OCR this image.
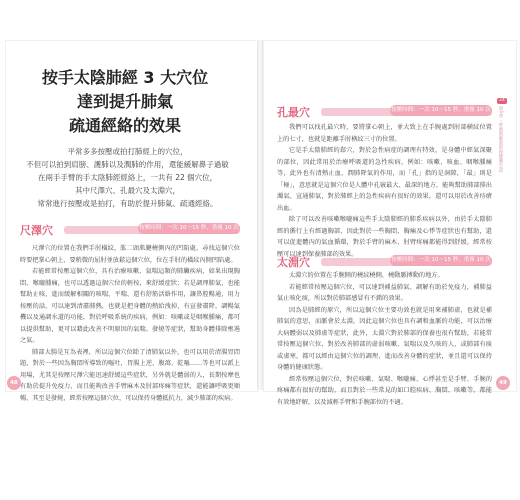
按手太陰肺經 3 大穴位
達到提升肺氣
疏通經絡的效果
平常多多按壓或拍打肺經上的穴位，
不但可以拍到肩膀、護肺以及潤肺的作用，還能緩解鼻子過敏
在兩手手臂的手太陰肺經經絡上，一共有 22 個穴位，
其中尺澤穴、孔最穴及太淵穴，
常常進行按壓或是拍打，有助於提升肺氣、疏通經絡。
尺澤穴	按壓時間：一次 10～15 秒，重複 10 次

尺澤穴的位置在我們手肘橫紋，肱二頭肌腱橈側內的凹陷處，尋找這個穴位時要把掌心朝上，要稍微的屈肘並放鬆這個穴位，位在手肘的橫紋內側凹陷處。

若能經常按壓這個穴位，具有治療咳嗽、氣喘這類的肺臟疾病，如果出現胸悶、喉嚨腫痛，也可以透過這個穴位的輕按，來舒緩症狀；若是調理肺氣，也能幫助止咳，進而緩解相關的咳喘、平喘、還有舒筋活絡作用，讓鼻腔暢通，用力按壓的話，可以達到清肅肺熱，也就是把身體的熱給洩掉，有宣發肅降，調暢氣機以及通調水道的功能，對於呼吸系統的疾病，例如：咳嗽或是咽喉腫痛，都可以提供幫助，更可以藉此改善不明原因的氣喘、發燒等症狀，幫助身體排除壅遏之氣。

肺部大腸是互為表裡，所以這個穴位除了清肺氣以外，也可以用於清腸胃問題，對於一些因為胸悶所導致的嘔吐，胃腸上逆，腹瀉、乾嘔……等也可以派上用場，尤其是按壓尺澤穴能迅速舒緩這些症狀，另外就是體弱的人，長期按摩也有助於提升免疫力，而且能夠改善手臂麻木及肘部疼痛等症狀，還能讓呼吸更順暢，其至是發燒，經常按壓這個穴位，可以保持身體抵抗力，減少肺部的疾病。

48
孔最穴	按壓時間：一次 10～15 秒，重複 10 次

我們可以找孔最穴時，要將掌心朝上，並大致上在手腕處到肘部横紋位置上的七寸，也就是距離手肘横紋三寸的位置。

它是手太陰肺經的郄穴，對於急性病症的調理有特效，是身體中經氣深聚的部位，因此常用於治療呼吸道的急性疾病，例如：咳嗽、咳血、咽喉腫痛等，此外也有清熱止血、潤肺降氣的作用，而「孔」指的是洞隙，「最」則是「極」，意思就是這個穴位是人體中孔竅最大、最深的地方，能夠幫助肺部排出濁氣、宣通肺氣，對於肺經上的急性疾病有很好的效果，還可以用於改善痔瘡出血。

除了可以改善咳嗽喉嚨痛這些手太陰肺經的肺系疾病以外，由於手太陰肺經的循行上有經過胸部，因此對於一些胸悶、胸痛及心悸等症狀也有幫助，還可以促進體內的氣血循環，對於手臂的麻木、肘臂疼痛都能得到舒緩，經常按壓可以達到保養肺部的效果。

太淵穴	按壓時間：一次 10～15 秒，重複 10 次

太淵穴的位置在手腕側的橈紋橈側，橈動脈搏動的地方。

若能經常按壓這個穴位，可以達到補益肺氣、調解有助於免疫力，補肺益氣止咳化痰，所以對於肺部感冒有不錯的效果。

因為是肺經的原穴，所以這個穴位主要功效也就是用來補肺虛，也就是補肺氣的意思，而脈會於太淵，因此這個穴位也具有調和血脈的功能，可以治療大病體弱以及肺虛等症狀，此外，太淵穴對於肺部的保養也很有幫助，若能常常按壓這個穴位，對於改善肺部的虛弱咳嗽、氣喘以及久咳的人，或肺部有痰或虛寒，都可以經由這個穴位的調理，進而改善身體的症狀，並且還可以保持身體的健康狀態。

經常按壓這個穴位，對於咳嗽、氣喘、喉嚨痛、心悸甚至是手臂、手腕的疼痛都有很好的幫助，而且對於一些常見的如口腔疾病、胸悶、咳嗽等，都能有效地紓解，以及減輕手臂和手腕部位的不適。

49
24
第1章・呼吸與肺部的保健養生法
